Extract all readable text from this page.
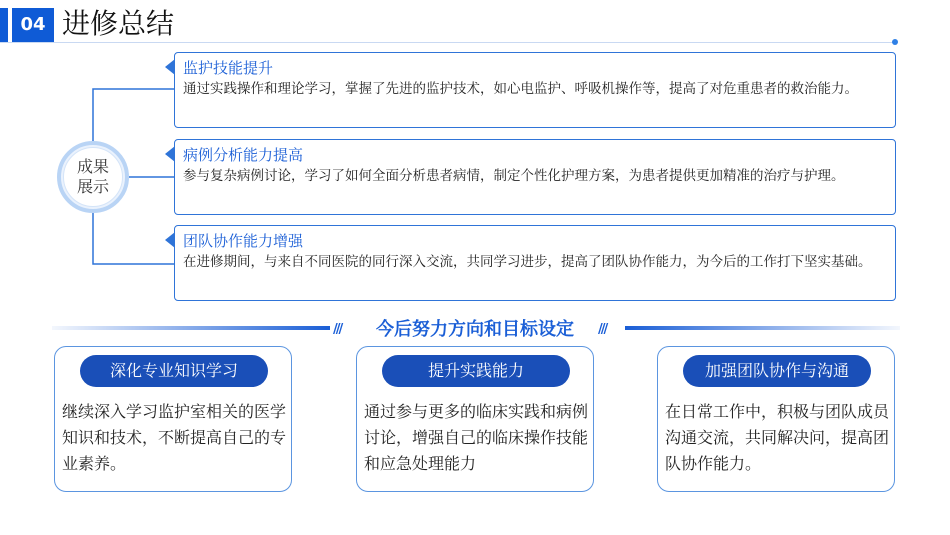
04 进修总结
成果
展示
监护技能提升
通过实践操作和理论学习，掌握了先进的监护技术，如心电监护、呼吸机操作等，提高了对危重患者的救治能力。
病例分析能力提高
参与复杂病例讨论，学习了如何全面分析患者病情，制定个性化护理方案，为患者提供更加精准的治疗与护理。
团队协作能力增强
在进修期间，与来自不同医院的同行深入交流，共同学习进步，提高了团队协作能力，为今后的工作打下坚实基础。
///	今后努力方向和目标设定	///
深化专业知识学习
继续深入学习监护室相关的医学知识和技术，不断提高自己的专业素养。
提升实践能力
通过参与更多的临床实践和病例讨论，增强自己的临床操作技能和应急处理能力
加强团队协作与沟通
在日常工作中，积极与团队成员沟通交流，共同解决问，提高团队协作能力。
